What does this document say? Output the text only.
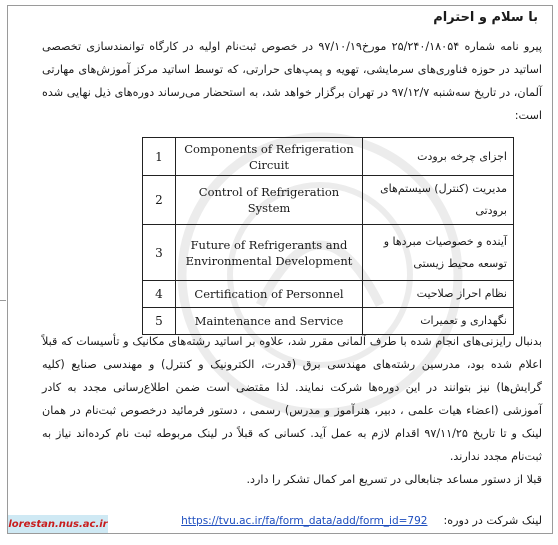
با سلام و احترام
پیرو نامه شماره ۲۵/۲۴۰/۱۸۰۵۴ مورخ۹۷/۱۰/۱۹ در خصوص ثبت‌نام اولیه در کارگاه توانمندسازی تخصصی اساتید در حوزه فناوری‌های سرمایشی، تهویه و پمپ‌های حرارتی، که توسط اساتید مرکز آموزش‌های مهارتی آلمان، در تاریخ سه‌شنبه ۹۷/۱۲/۷ در تهران برگزار خواهد شد، به استحضار می‌رساند دوره‌های ذیل نهایی شده است:
1	Components of Refrigeration Circuit	اجزای چرخه برودت
2	Control of Refrigeration System	مدیریت (کنترل) سیستم‌های برودتی
3	Future of Refrigerants and Environmental Development	آینده و خصوصیات مبردها و توسعه محیط زیستی
4	Certification of Personnel	نظام احراز صلاحیت
5	Maintenance and Service	نگهداری و تعمیرات
بدنبال رایزنی‌های انجام شده با طرف آلمانی مقرر شد، علاوه بر اساتید رشته‌های مکانیک و تأسیسات که قبلاً اعلام شده بود، مدرسین رشته‌های مهندسی برق (قدرت، الکترونیک و کنترل) و مهندسی صنایع (کلیه گرایش‌ها) نیز بتوانند در این دوره‌ها شرکت نمایند. لذا مقتضی است ضمن اطلاع‌رسانی مجدد به کادر آموزشی (اعضاء هیات علمی ، دبیر، هنرآموز و مدرس) رسمی ، دستور فرمائید درخصوص ثبت‌نام در همان لینک و تا تاریخ ۹۷/۱۱/۲۵ اقدام لازم به عمل آید. کسانی که قبلاً در لینک مربوطه ثبت نام کرده‌اند نیاز به ثبت‌نام مجدد ندارند.
قبلا از دستور مساعد جنابعالی در تسریع امر کمال تشکر را دارد.
لینک شرکت در دوره:
https://tvu.ac.ir/fa/form_data/add/form_id=792
lorestan.nus.ac.ir
